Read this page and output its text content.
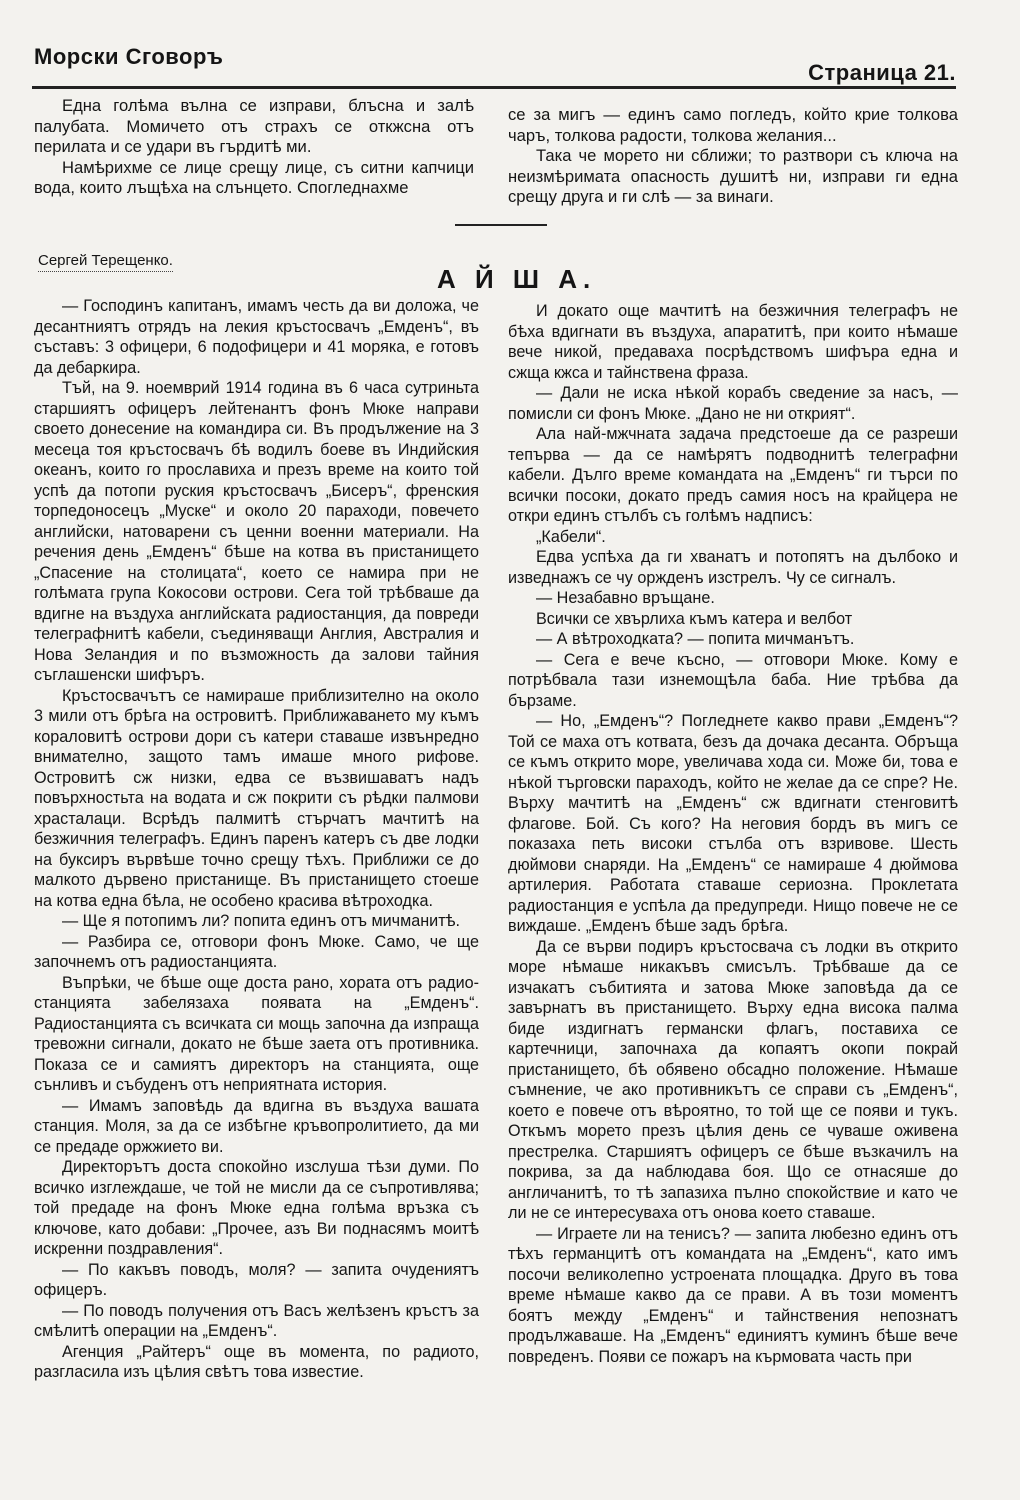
Морски Сговоръ
Страница 21.

Една голѣма вълна се изправи, блъсна и залѣ палубата. Момичето отъ страхъ се откжсна отъ перилата и се удари въ гърдитѣ ми.

Намѣрихме се лице срещу лице, съ ситни капчици вода, които лъщѣха на слънцето. Спогледнахме

се за мигъ — единъ само погледъ, който крие толкова чаръ, толкова радости, толкова желания...

Така че морето ни сближи; то разтвори съ ключа на неизмѣримата опасность душитѣ ни, изправи ги една срещу друга и ги слѣ — за винаги.

Сергей Терещенко.
А Й Ш А.

— Господинъ капитанъ, имамъ честь да ви доложа, че десантниятъ отрядъ на лекия кръстосвачъ „Емденъ“, въ съставъ: 3 офицери, 6 подофицери и 41 моряка, е готовъ да дебаркира.

Тъй, на 9. ноемврий 1914 година въ 6 часа сутриньта старшиятъ офицеръ лейтенантъ фонъ Мюке направи своето донесение на командира си. Въ продължение на 3 месеца тоя кръстосвачъ бѣ водилъ боеве въ Индийския океанъ, които го прославиха и презъ време на които той успѣ да потопи руския кръстосвачъ „Бисеръ“, френския торпедоносецъ „Муске“ и около 20 параходи, повечето английски, натоварени съ ценни военни материали. На речения день „Емденъ“ бѣше на котва въ пристанището „Спасение на столицата“, което се намира при не голѣмата група Кокосови острови. Сега той трѣбваше да вдигне на въздуха английската радиостанция, да повреди телеграфнитѣ кабели, съединяващи Англия, Австралия и Нова Зеландия и по възможность да залови тайния съглашенски шифъръ.

Кръстосвачътъ се намираше приблизително на около 3 мили отъ брѣга на островитѣ. Приближаването му къмъ кораловитѣ острови дори съ катери ставаше извънредно внимателно, защото тамъ имаше много рифове. Островитѣ сж низки, едва се възвишаватъ надъ повърхностьта на водата и сж покрити съ рѣдки палмови храсталаци. Всрѣдъ палмитѣ стърчатъ мачтитѣ на безжичния телеграфъ. Единъ паренъ катеръ съ две лодки на буксиръ вървѣше точно срещу тѣхъ. Приближи се до малкото дървено пристанище. Въ пристанището стоеше на котва една бѣла, не особено красива вѣтроходка.

— Ще я потопимъ ли? попита единъ отъ мичманитѣ.

— Разбира се, отговори фонъ Мюке. Само, че ще започнемъ отъ радиостанцията.

Въпрѣки, че бѣше още доста рано, хората отъ радио-станцията забелязаха появата на „Емденъ“. Радиостанцията съ всичката си мощь започна да изпраща тревожни сигнали, докато не бѣше заета отъ противника. Показа се и самиятъ директоръ на станцията, още сънливъ и събуденъ отъ неприятната история.

— Имамъ заповѣдь да вдигна въ въздуха вашата станция. Моля, за да се избѣгне кръвопролитието, да ми се предаде оржжието ви.

Директорътъ доста спокойно изслуша тѣзи думи. По всичко изглеждаше, че той не мисли да се съпротивлява; той предаде на фонъ Мюке една голѣма връзка съ ключове, като добави: „Прочее, азъ Ви поднасямъ моитѣ искренни поздравления“.

— По какъвъ поводъ, моля? — запита очудениятъ офицеръ.

— По поводъ получения отъ Васъ желѣзенъ кръстъ за смѣлитѣ операции на „Емденъ“.

Агенция „Райтеръ“ още въ момента, по радиото, разгласила изъ цѣлия свѣтъ това известие.

И докато още мачтитѣ на безжичния телеграфъ не бѣха вдигнати въ въздуха, апаратитѣ, при които нѣмаше вече никой, предаваха посрѣдствомъ шифъра една и сжща кжса и тайнствена фраза.

— Дали не иска нѣкой корабъ сведение за насъ, — помисли си фонъ Мюке. „Дано не ни открият“.

Ала най-мжчната задача предстоеше да се разреши тепърва — да се намѣрятъ подводнитѣ телеграфни кабели. Дълго време командата на „Емденъ“ ги търси по всички посоки, докато предъ самия носъ на крайцера не откри единъ стълбъ съ голѣмъ надписъ:

„Кабели“.

Едва успѣха да ги хванатъ и потопятъ на дълбоко и изведнажъ се чу оржденъ изстрелъ. Чу се сигналъ.

— Незабавно връщане.

Всички се хвърлиха къмъ катера и велбот

— А вѣтроходката? — попита мичманътъ.

— Сега е вече късно, — отговори Мюке. Кому е потрѣбвала тази изнемощѣла баба. Ние трѣбва да бързаме.

— Но, „Емденъ“? Погледнете какво прави „Емденъ“? Той се маха отъ котвата, безъ да дочака десанта. Обръща се къмъ открито море, увеличава хода си. Може би, това е нѣкой търговски параходъ, който не желае да се спре? Не. Върху мачтитѣ на „Емденъ“ сж вдигнати стенговитѣ флагове. Бой. Съ кого? На неговия бордъ въ мигъ се показаха петь високи стълба отъ взривове. Шесть дюймови снаряди. На „Емденъ“ се намираше 4 дюймова артилерия. Работата ставаше сериозна. Проклетата радиостанция е успѣла да предупреди. Нищо повече не се виждаше. „Емденъ бѣше задъ брѣга.

Да се върви подиръ кръстосвача съ лодки въ открито море нѣмаше никакъвъ смисълъ. Трѣбваше да се изчакатъ събитията и затова Мюке заповѣда да се завърнатъ въ пристанището. Върху една висока палма биде издигнатъ германски флагъ, поставиха се картечници, започнаха да копаятъ окопи покрай пристанището, бѣ обявено обсадно положение. Нѣмаше съмнение, че ако противникътъ се справи съ „Емденъ“, което е повече отъ вѣроятно, то той ще се появи и тукъ. Откъмъ морето презъ цѣлия день се чуваше оживена престрелка. Старшиятъ офицеръ се бѣше възкачилъ на покрива, за да наблюдава боя. Що се отнасяше до англичанитѣ, то тѣ запазиха пълно спокойствие и като че ли не се интересуваха отъ онова което ставаше.

— Играете ли на тенисъ? — запита любезно единъ отъ тѣхъ германцитѣ отъ командата на „Емденъ“, като имъ посочи великолепно устроената площадка. Друго въ това време нѣмаше какво да се прави. А въ този моментъ боятъ между „Емденъ“ и тайнствения непознатъ продължаваше. На „Емденъ“ единиятъ куминъ бѣше вече повреденъ. Появи се пожаръ на кърмовата часть при
